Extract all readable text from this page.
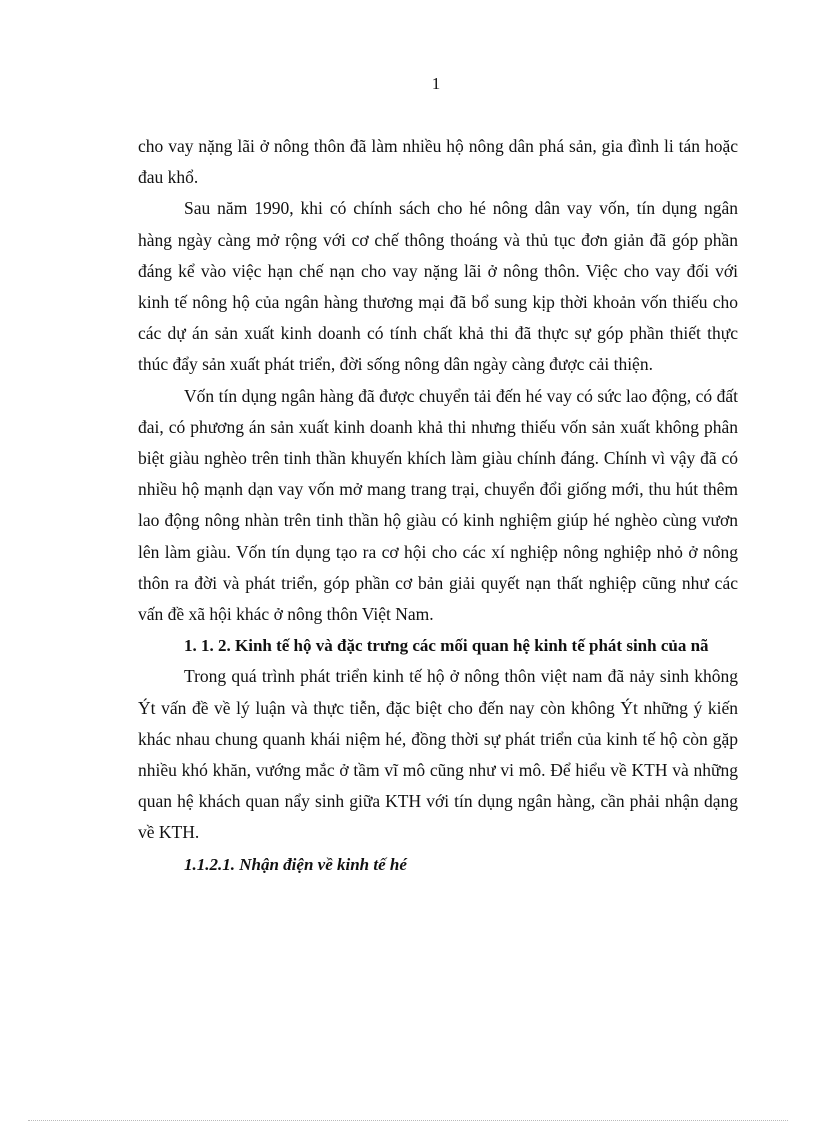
1

cho vay nặng lãi ở nông thôn đã làm nhiều hộ nông dân phá sản, gia đình li tán hoặc đau khổ.

Sau năm 1990, khi có chính sách cho hé nông dân vay vốn, tín dụng ngân hàng ngày càng mở rộng với cơ chế thông thoáng và thủ tục đơn giản đã góp phần đáng kể vào việc hạn chế nạn cho vay nặng lãi ở nông thôn. Việc cho vay đối với kinh tế nông hộ của ngân hàng thương mại đã bổ sung kịp thời khoản vốn thiếu cho các dự án sản xuất kinh doanh có tính chất khả thi đã thực sự góp phần thiết thực thúc đẩy sản xuất phát triển, đời sống nông dân ngày càng được cải thiện.

Vốn tín dụng ngân hàng đã được chuyển tải đến hé vay có sức lao động, có đất đai, có phương án sản xuất kinh doanh khả thi nhưng thiếu vốn sản xuất không phân biệt giàu nghèo trên tinh thần khuyến khích làm giàu chính đáng. Chính vì vậy đã có nhiều hộ mạnh dạn vay vốn mở mang trang trại, chuyển đổi giống mới, thu hút thêm lao động nông nhàn trên tinh thần hộ giàu có kinh nghiệm giúp hé nghèo cùng vươn lên làm giàu. Vốn tín dụng tạo ra cơ hội cho các xí nghiệp nông nghiệp nhỏ ở nông thôn ra đời và phát triển, góp phần cơ bản giải quyết nạn thất nghiệp cũng như các vấn đề xã hội khác ở nông thôn Việt Nam.

1. 1. 2. Kinh tế hộ và đặc trưng các mối quan hệ kinh tế phát sinh của nã

Trong quá trình phát triển kinh tế hộ ở nông thôn việt nam đã nảy sinh không Ýt vấn đề về lý luận và thực tiễn, đặc biệt cho đến nay còn không Ýt những ý kiến khác nhau chung quanh khái niệm hé, đồng thời sự phát triển của kinh tế hộ còn gặp nhiều khó khăn, vướng mắc ở tầm vĩ mô cũng như vi mô. Để hiểu về KTH và những quan hệ khách quan nẩy sinh giữa KTH với tín dụng ngân hàng, cần phải nhận dạng về KTH.

1.1.2.1. Nhận điện về kinh tế hé
